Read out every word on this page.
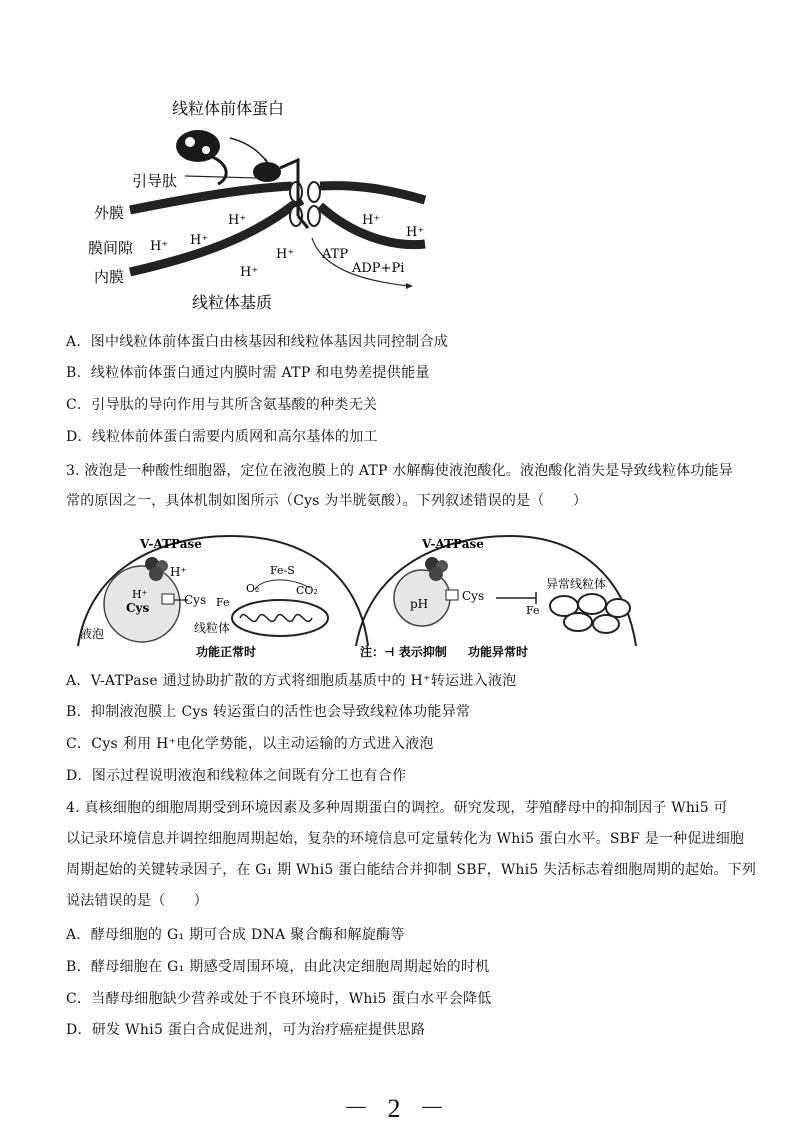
线粒体前体蛋白
引导肽
外膜
膜间隙
内膜
线粒体基质
H⁺ H⁺
H⁺
H⁺
H⁺
H⁺
H⁺
ATP
ADP+Pi
A．图中线粒体前体蛋白由核基因和线粒体基因共同控制合成
B．线粒体前体蛋白通过内膜时需 ATP 和电势差提供能量
C．引导肽的导向作用与其所含氨基酸的种类无关
D．线粒体前体蛋白需要内质网和高尔基体的加工
3. 液泡是一种酸性细胞器，定位在液泡膜上的 ATP 水解酶使液泡酸化。液泡酸化消失是导致线粒体功能异
常的原因之一，具体机制如图所示（Cys 为半胱氨酸）。下列叙述错误的是（　　）
V-ATPase
H⁺
H⁺
Cys
Cys Fe
Fe-S
O₂	CO₂
液泡	线粒体
功能正常时
V-ATPase
pH
Cys
Fe
异常线粒体
注：⊣ 表示抑制 功能异常时
A．V-ATPase 通过协助扩散的方式将细胞质基质中的 H⁺转运进入液泡
B．抑制液泡膜上 Cys 转运蛋白的活性也会导致线粒体功能异常
C．Cys 利用 H⁺电化学势能，以主动运输的方式进入液泡
D．图示过程说明液泡和线粒体之间既有分工也有合作
4. 真核细胞的细胞周期受到环境因素及多种周期蛋白的调控。研究发现，芽殖酵母中的抑制因子 Whi5 可
以记录环境信息并调控细胞周期起始，复杂的环境信息可定量转化为 Whi5 蛋白水平。SBF 是一种促进细胞
周期起始的关键转录因子，在 G₁ 期 Whi5 蛋白能结合并抑制 SBF，Whi5 失活标志着细胞周期的起始。下列
说法错误的是（　　）
A．酵母细胞的 G₁ 期可合成 DNA 聚合酶和解旋酶等
B．酵母细胞在 G₁ 期感受周围环境，由此决定细胞周期起始的时机
C．当酵母细胞缺少营养或处于不良环境时，Whi5 蛋白水平会降低
D．研发 Whi5 蛋白合成促进剂，可为治疗癌症提供思路
－ 2 －
